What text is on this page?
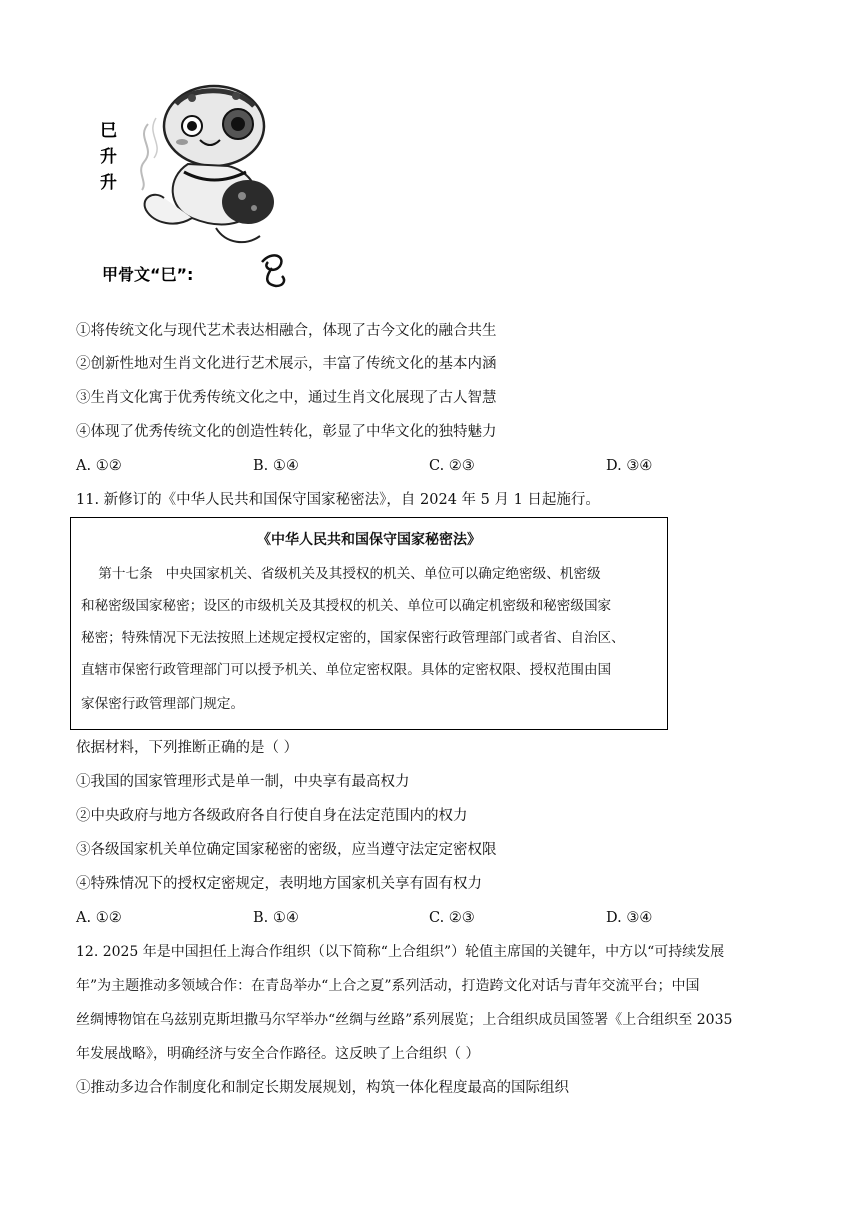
巳
升
升
甲骨文“巳”:
①将传统文化与现代艺术表达相融合，体现了古今文化的融合共生
②创新性地对生肖文化进行艺术展示，丰富了传统文化的基本内涵
③生肖文化寓于优秀传统文化之中，通过生肖文化展现了古人智慧
④体现了优秀传统文化的创造性转化，彰显了中华文化的独特魅力
A. ①②	B. ①④	C. ②③	D. ③④
11. 新修订的《中华人民共和国保守国家秘密法》，自 2024 年 5 月 1 日起施行。
《中华人民共和国保守国家秘密法》
第十七条   中央国家机关、省级机关及其授权的机关、单位可以确定绝密级、机密级
和秘密级国家秘密；设区的市级机关及其授权的机关、单位可以确定机密级和秘密级国家
秘密；特殊情况下无法按照上述规定授权定密的，国家保密行政管理部门或者省、自治区、
直辖市保密行政管理部门可以授予机关、单位定密权限。具体的定密权限、授权范围由国
家保密行政管理部门规定。
依据材料，下列推断正确的是（ ）
①我国的国家管理形式是单一制，中央享有最高权力
②中央政府与地方各级政府各自行使自身在法定范围内的权力
③各级国家机关单位确定国家秘密的密级，应当遵守法定定密权限
④特殊情况下的授权定密规定，表明地方国家机关享有固有权力
A. ①②	B. ①④	C. ②③	D. ③④
12. 2025 年是中国担任上海合作组织（以下简称“上合组织”）轮值主席国的关键年，中方以“可持续发展
年”为主题推动多领域合作：在青岛举办“上合之夏”系列活动，打造跨文化对话与青年交流平台；中国
丝绸博物馆在乌兹别克斯坦撒马尔罕举办“丝绸与丝路”系列展览；上合组织成员国签署《上合组织至 2035
年发展战略》，明确经济与安全合作路径。这反映了上合组织（ ）
①推动多边合作制度化和制定长期发展规划，构筑一体化程度最高的国际组织
